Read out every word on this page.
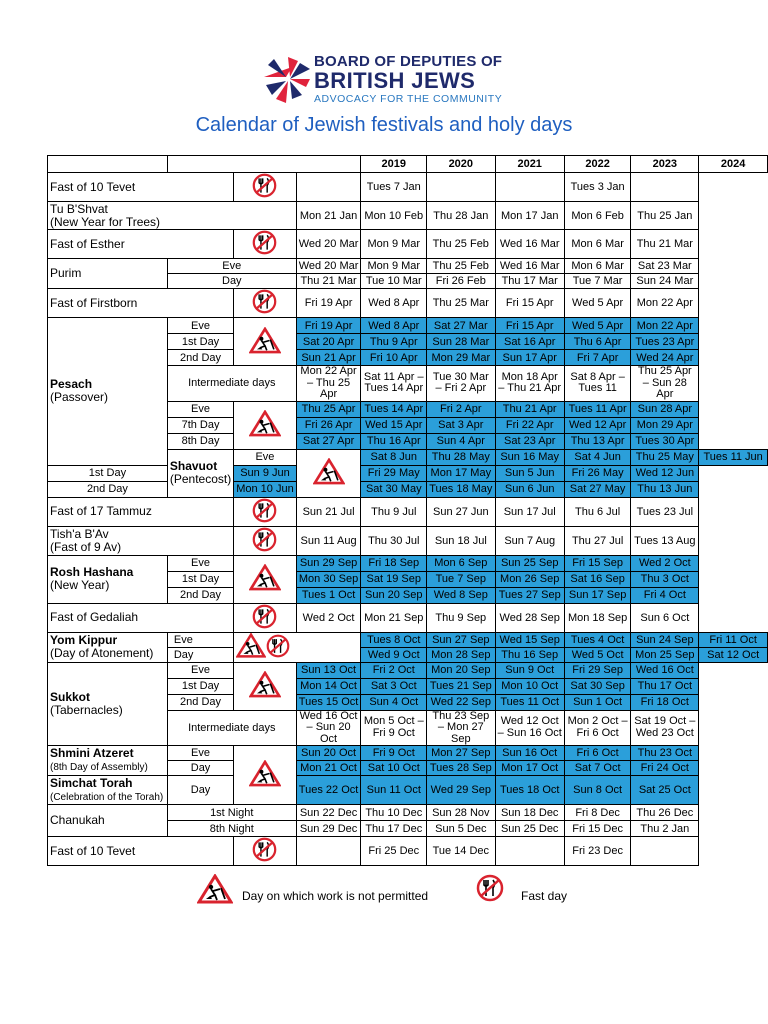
BOARD OF DEPUTIES OF
BRITISH JEWS
ADVOCACY FOR THE COMMUNITY
Calendar of Jewish festivals and holy days
				2019	2020	2021	2022	2023	2024
Fast of 10 Tevet				Tues 7 Jan			Tues 3 Jan		
Tu B'Shvat
(New Year for Trees)			Mon 21 Jan	Mon 10 Feb	Thu 28 Jan	Mon 17 Jan	Mon 6 Feb	Thu 25 Jan	
Fast of Esther			Wed 20 Mar	Mon 9 Mar	Thu 25 Feb	Wed 16 Mar	Mon 6 Mar	Thu 21 Mar	
Purim	Eve		Wed 20 Mar	Mon 9 Mar	Thu 25 Feb	Wed 16 Mar	Mon 6 Mar	Sat 23 Mar	
	Day		Thu 21 Mar	Tue 10 Mar	Fri 26 Feb	Thu 17 Mar	Tue 7 Mar	Sun 24 Mar	
Fast of Firstborn			Fri 19 Apr	Wed 8 Apr	Thu 25 Mar	Fri 15 Apr	Wed 5 Apr	Mon 22 Apr	
Pesach
(Passover)	Eve		Fri 19 Apr	Wed 8 Apr	Sat 27 Mar	Fri 15 Apr	Wed 5 Apr	Mon 22 Apr	
	1st Day		Sat 20 Apr	Thu 9 Apr	Sun 28 Mar	Sat 16 Apr	Thu 6 Apr	Tues 23 Apr	
	2nd Day		Sun 21 Apr	Fri 10 Apr	Mon 29 Mar	Sun 17 Apr	Fri 7 Apr	Wed 24 Apr	
	Intermediate days		Mon 22 Apr – Thu 25 Apr	Sat 11 Apr – Tues 14 Apr	Tue 30 Mar – Fri 2 Apr	Mon 18 Apr – Thu 21 Apr	Sat 8 Apr – Tues 11	Thu 25 Apr – Sun 28 Apr	
	Eve		Thu 25 Apr	Tues 14 Apr	Fri 2 Apr	Thu 21 Apr	Tues 11 Apr	Sun 28 Apr	
	7th Day		Fri 26 Apr	Wed 15 Apr	Sat 3 Apr	Fri 22 Apr	Wed 12 Apr	Mon 29 Apr	
	8th Day		Sat 27 Apr	Thu 16 Apr	Sun 4 Apr	Sat 23 Apr	Thu 13 Apr	Tues 30 Apr	
	Shavuot
(Pentecost)	Eve		Sat 8 Jun	Thu 28 May	Sun 16 May	Sat 4 Jun	Thu 25 May	Tues 11 Jun
1st Day		Sun 9 Jun		Fri 29 May	Mon 17 May	Sun 5 Jun	Fri 26 May	Wed 12 Jun	
2nd Day		Mon 10 Jun		Sat 30 May	Tues 18 May	Sun 6 Jun	Sat 27 May	Thu 13 Jun	
Fast of 17 Tammuz			Sun 21 Jul	Thu 9 Jul	Sun 27 Jun	Sun 17 Jul	Thu 6 Jul	Tues 23 Jul	
Tish'a B'Av
(Fast of 9 Av)			Sun 11 Aug	Thu 30 Jul	Sun 18 Jul	Sun 7 Aug	Thu 27 Jul	Tues 13 Aug	
Rosh Hashana
(New Year)	Eve		Sun 29 Sep	Fri 18 Sep	Mon 6 Sep	Sun 25 Sep	Fri 15 Sep	Wed 2 Oct	
	1st Day		Mon 30 Sep	Sat 19 Sep	Tue 7 Sep	Mon 26 Sep	Sat 16 Sep	Thu 3 Oct	
	2nd Day		Tues 1 Oct	Sun 20 Sep	Wed 8 Sep	Tues 27 Sep	Sun 17 Sep	Fri 4 Oct	
Fast of Gedaliah			Wed 2 Oct	Mon 21 Sep	Thu 9 Sep	Wed 28 Sep	Mon 18 Sep	Sun 6 Oct	
Yom Kippur
(Day of Atonement)	Eve			Tues 8 Oct	Sun 27 Sep	Wed 15 Sep	Tues 4 Oct	Sun 24 Sep	Fri 11 Oct
	Day			Wed 9 Oct	Mon 28 Sep	Thu 16 Sep	Wed 5 Oct	Mon 25 Sep	Sat 12 Oct
Sukkot
(Tabernacles)	Eve		Sun 13 Oct	Fri 2 Oct	Mon 20 Sep	Sun 9 Oct	Fri 29 Sep	Wed 16 Oct	
	1st Day		Mon 14 Oct	Sat 3 Oct	Tues 21 Sep	Mon 10 Oct	Sat 30 Sep	Thu 17 Oct	
	2nd Day		Tues 15 Oct	Sun 4 Oct	Wed 22 Sep	Tues 11 Oct	Sun 1 Oct	Fri 18 Oct	
	Intermediate days		Wed 16 Oct – Sun 20 Oct	Mon 5 Oct – Fri 9 Oct	Thu 23 Sep – Mon 27 Sep	Wed 12 Oct – Sun 16 Oct	Mon 2 Oct – Fri 6 Oct	Sat 19 Oct – Wed 23 Oct	
Shmini Atzeret
(8th Day of Assembly)	Eve		Sun 20 Oct	Fri 9 Oct	Mon 27 Sep	Sun 16 Oct	Fri 6 Oct	Thu 23 Oct	
	Day		Mon 21 Oct	Sat 10 Oct	Tues 28 Sep	Mon 17 Oct	Sat 7 Oct	Fri 24 Oct	
Simchat Torah
(Celebration of the Torah)	Day		Tues 22 Oct	Sun 11 Oct	Wed 29 Sep	Tues 18 Oct	Sun 8 Oct	Sat 25 Oct	
Chanukah	1st Night		Sun 22 Dec	Thu 10 Dec	Sun 28 Nov	Sun 18 Dec	Fri 8 Dec	Thu 26 Dec	
	8th Night		Sun 29 Dec	Thu 17 Dec	Sun 5 Dec	Sun 25 Dec	Fri 15 Dec	Thu 2 Jan	
Fast of 10 Tevet				Fri 25 Dec	Tue 14 Dec		Fri 23 Dec		
Day on which work is not permitted	Fast day
